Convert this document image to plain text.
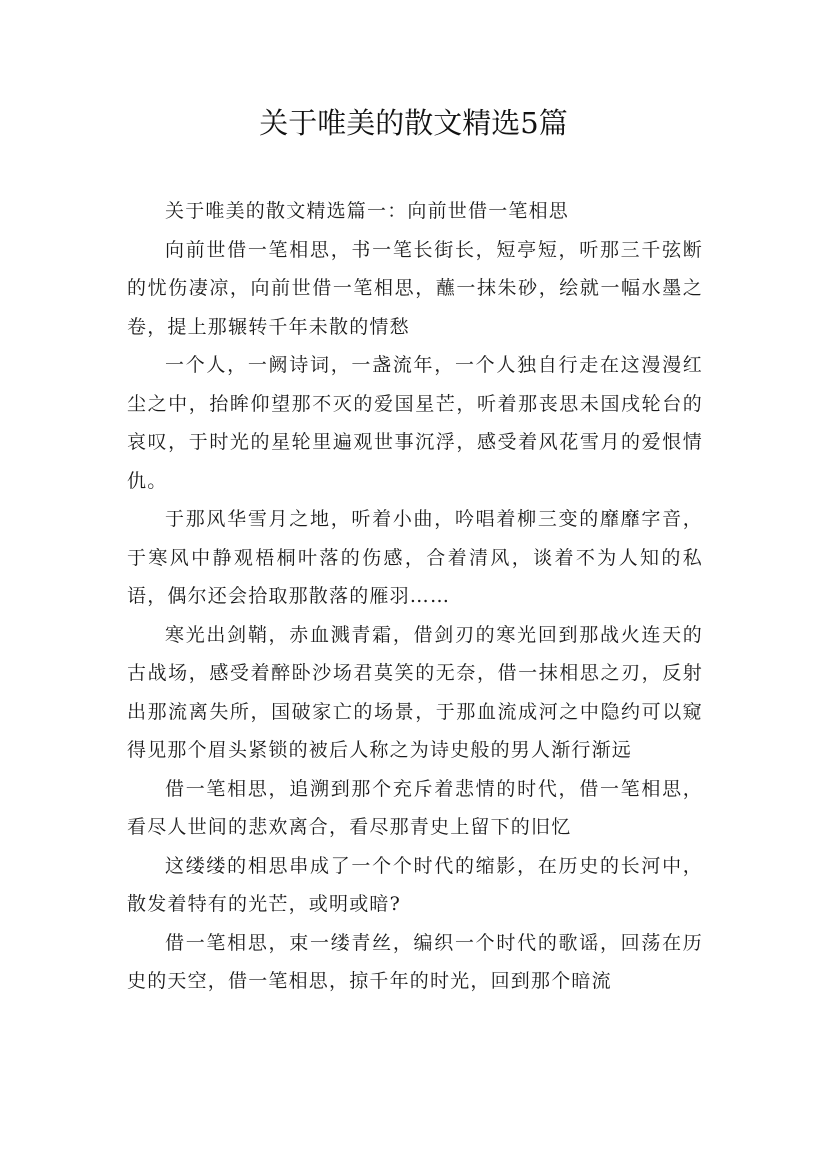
关于唯美的散文精选5篇

关于唯美的散文精选篇一：向前世借一笔相思

向前世借一笔相思，书一笔长街长，短亭短，听那三千弦断的忧伤凄凉，向前世借一笔相思，蘸一抹朱砂，绘就一幅水墨之卷，提上那辗转千年未散的情愁

一个人，一阙诗词，一盏流年，一个人独自行走在这漫漫红尘之中，抬眸仰望那不灭的爱国星芒，听着那丧思未国戌轮台的哀叹，于时光的星轮里遍观世事沉浮，感受着风花雪月的爱恨情仇。

于那风华雪月之地，听着小曲，吟唱着柳三变的靡靡字音，于寒风中静观梧桐叶落的伤感，合着清风，谈着不为人知的私语，偶尔还会拾取那散落的雁羽……

寒光出剑鞘，赤血溅青霜，借剑刃的寒光回到那战火连天的古战场，感受着醉卧沙场君莫笑的无奈，借一抹相思之刃，反射出那流离失所，国破家亡的场景，于那血流成河之中隐约可以窥得见那个眉头紧锁的被后人称之为诗史般的男人渐行渐远

借一笔相思，追溯到那个充斥着悲情的时代，借一笔相思，看尽人世间的悲欢离合，看尽那青史上留下的旧忆

这缕缕的相思串成了一个个时代的缩影，在历史的长河中，散发着特有的光芒，或明或暗?

借一笔相思，束一缕青丝，编织一个时代的歌谣，回荡在历史的天空，借一笔相思，掠千年的时光，回到那个暗流
